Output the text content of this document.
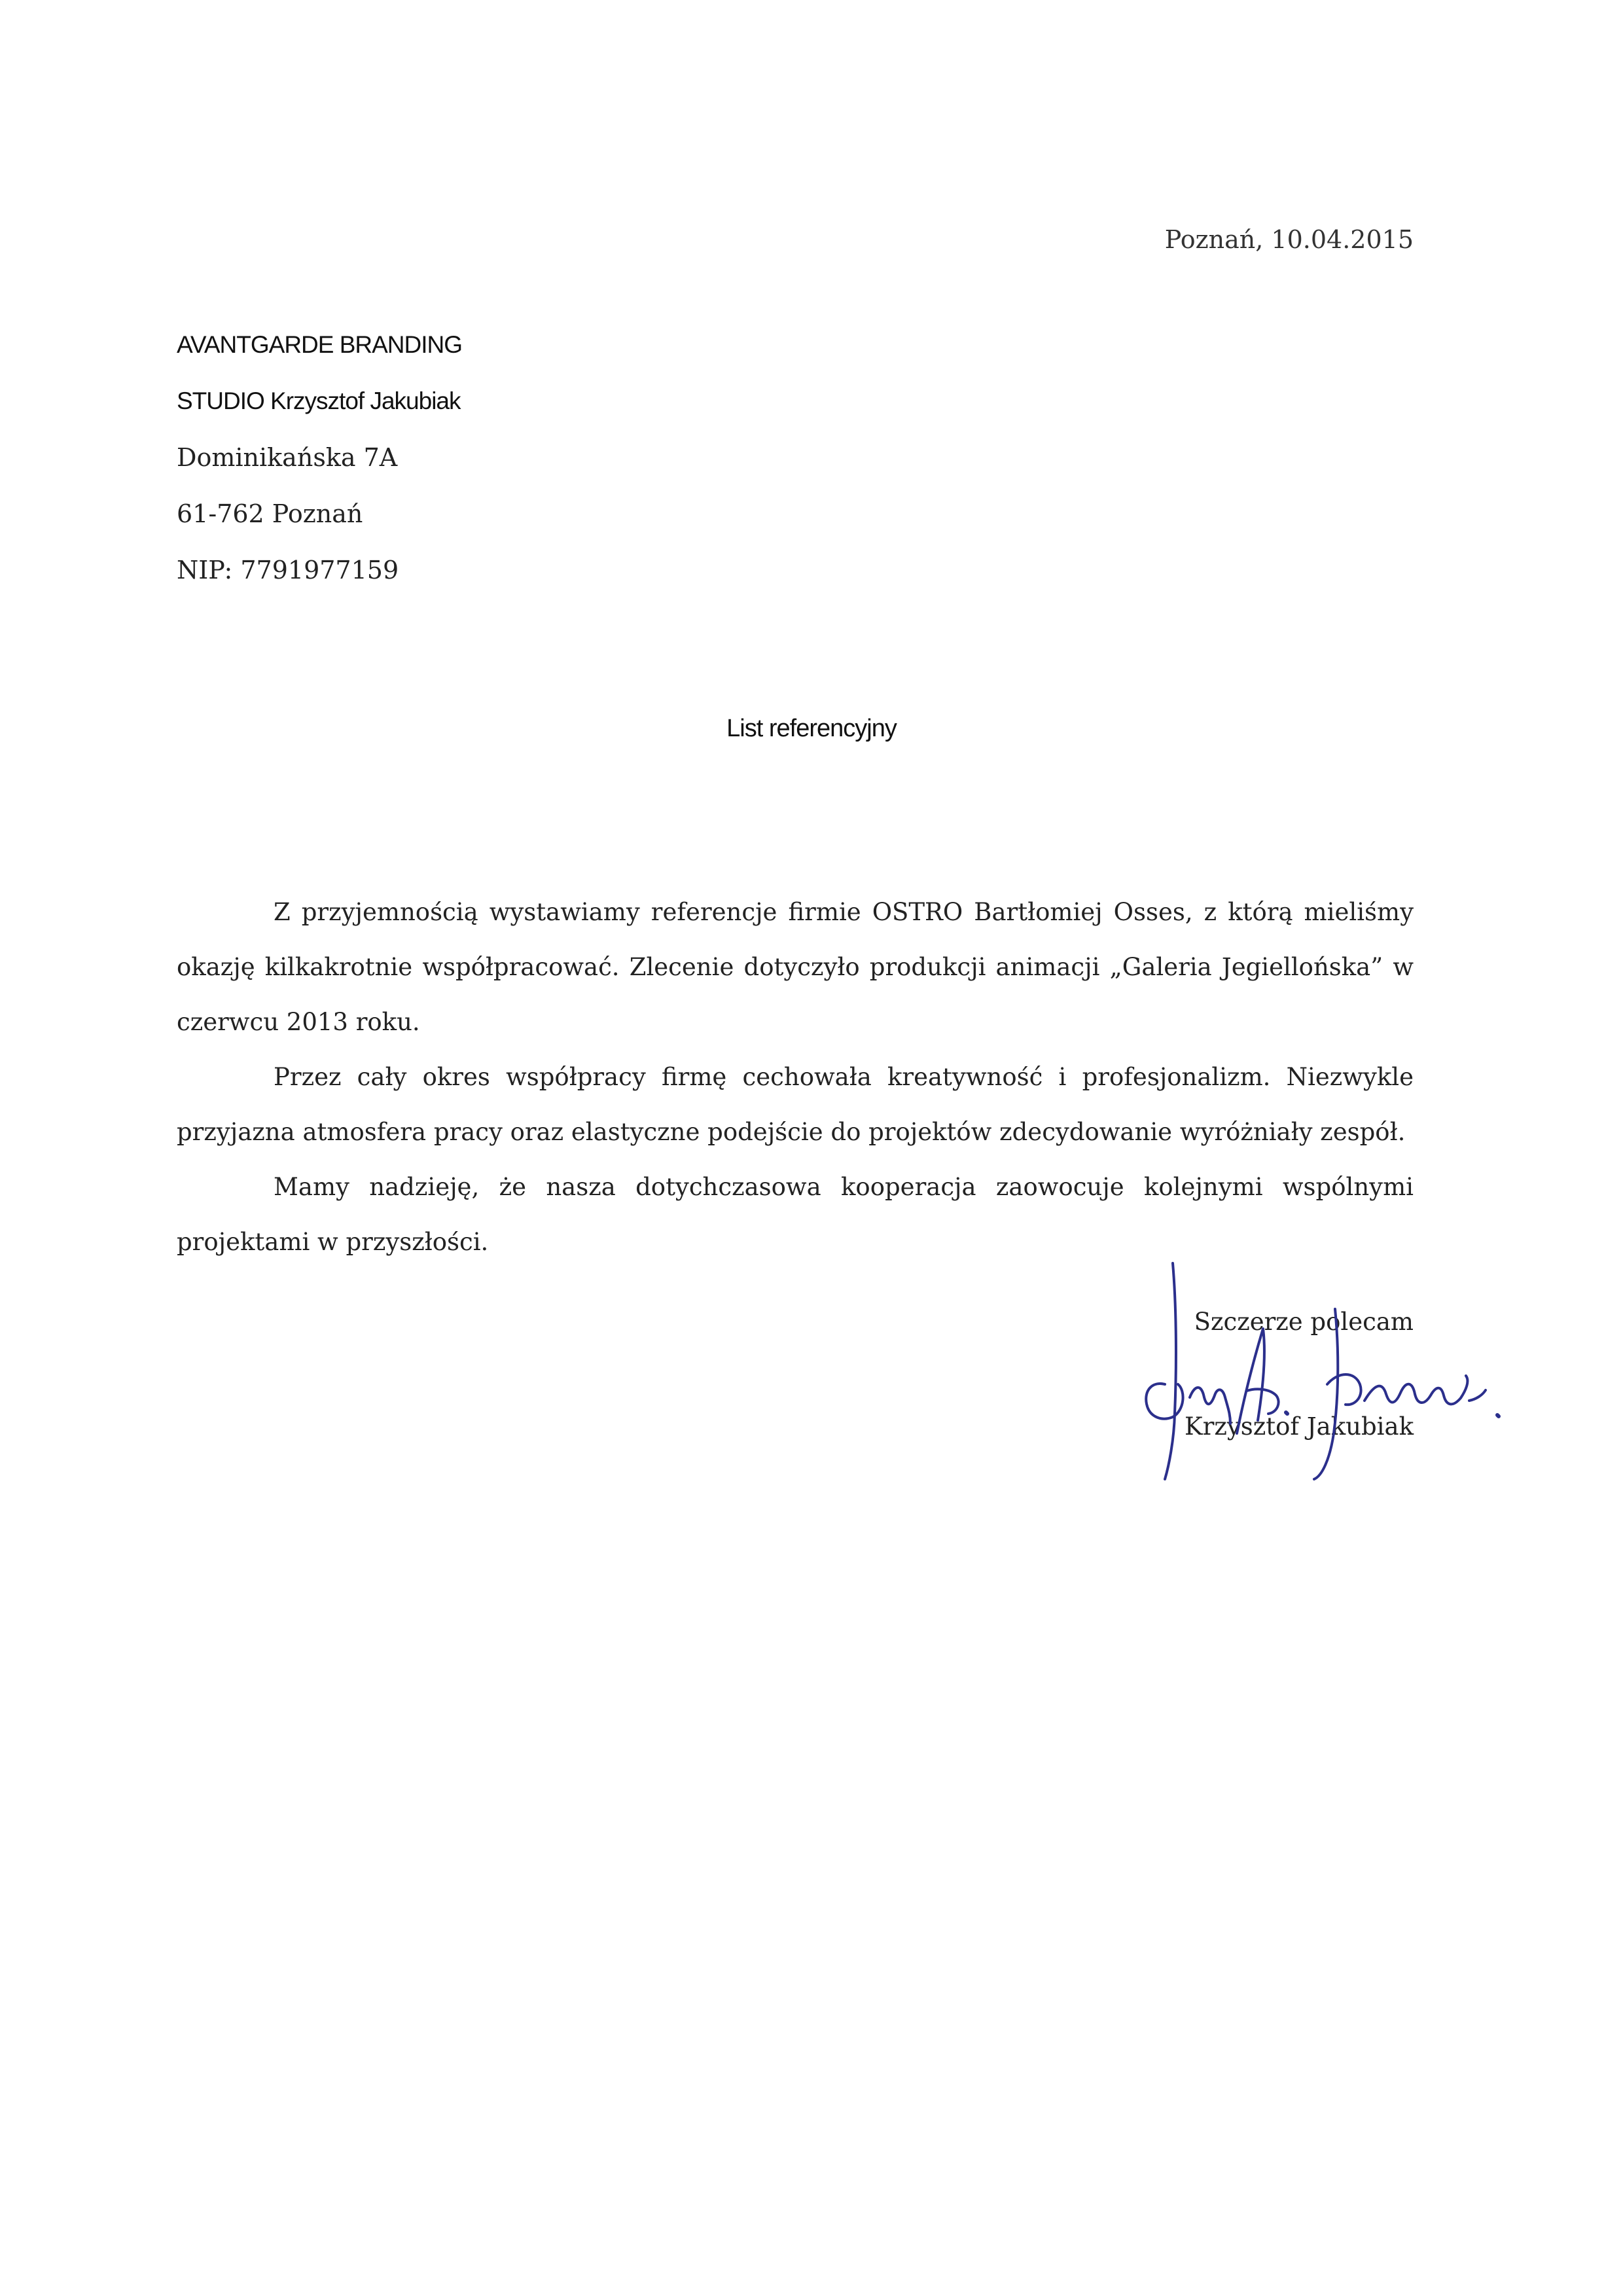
Poznań, 10.04.2015
AVANTGARDE BRANDING
STUDIO Krzysztof Jakubiak
Dominikańska 7A
61-762 Poznań
NIP: 7791977159
List referencyjny

Z przyjemnością wystawiamy referencje firmie OSTRO Bartłomiej Osses, z którą mieliśmy okazję kilkakrotnie współpracować. Zlecenie dotyczyło produkcji animacji „Galeria Jegiellońska” w czerwcu 2013 roku.

Przez cały okres współpracy firmę cechowała kreatywność i profesjonalizm. Niezwykle przyjazna atmosfera pracy oraz elastyczne podejście do projektów zdecydowanie wyróżniały zespół.

Mamy nadzieję, że nasza dotychczasowa kooperacja zaowocuje kolejnymi wspólnymi projektami w przyszłości.

Szczerze polecam
Krzysztof Jakubiak
